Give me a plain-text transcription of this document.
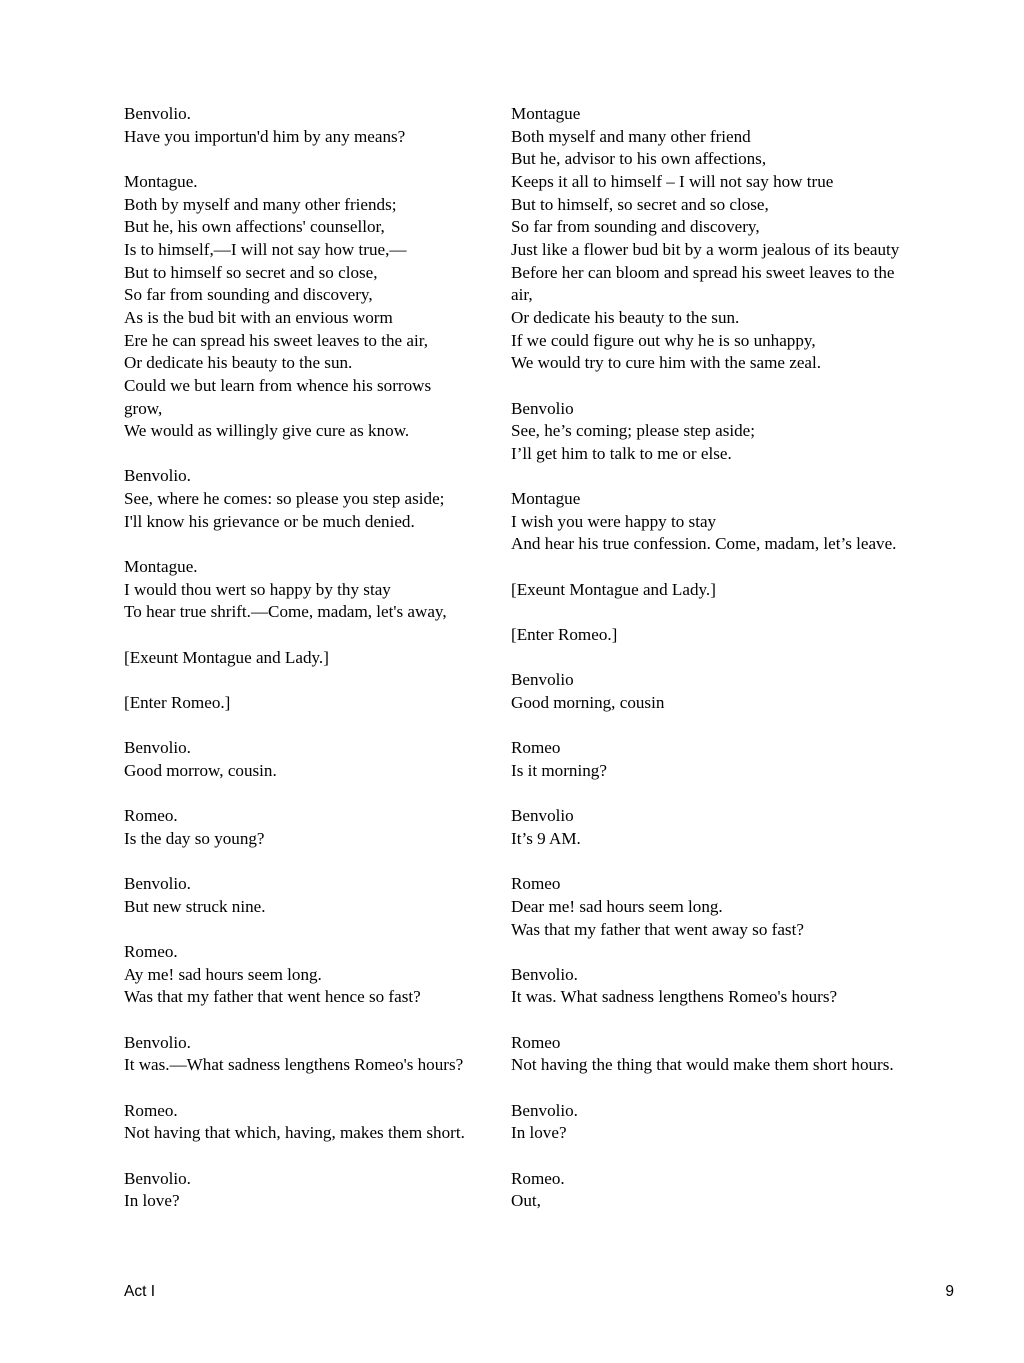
Benvolio.
Have you importun'd him by any means?

Montague.
Both by myself and many other friends;
But he, his own affections' counsellor,
Is to himself,––I will not say how true,––
But to himself so secret and so close,
So far from sounding and discovery,
As is the bud bit with an envious worm
Ere he can spread his sweet leaves to the air,
Or dedicate his beauty to the sun.
Could we but learn from whence his sorrows
grow,
We would as willingly give cure as know.

Benvolio.
See, where he comes: so please you step aside;
I'll know his grievance or be much denied.

Montague.
I would thou wert so happy by thy stay
To hear true shrift.––Come, madam, let's away,

[Exeunt Montague and Lady.]

[Enter Romeo.]

Benvolio.
Good morrow, cousin.

Romeo.
Is the day so young?

Benvolio.
But new struck nine.

Romeo.
Ay me! sad hours seem long.
Was that my father that went hence so fast?

Benvolio.
It was.––What sadness lengthens Romeo's hours?

Romeo.
Not having that which, having, makes them short.

Benvolio.
In love?
Montague
Both myself and many other friend
But he, advisor to his own affections,
Keeps it all to himself – I will not say how true
But to himself, so secret and so close,
So far from sounding and discovery,
Just like a flower bud bit by a worm jealous of its beauty
Before her can bloom and spread his sweet leaves to the
air,
Or dedicate his beauty to the sun.
If we could figure out why he is so unhappy,
We would try to cure him with the same zeal.

Benvolio
See, he’s coming; please step aside;
I’ll get him to talk to me or else.

Montague
I wish you were happy to stay
And hear his true confession. Come, madam, let’s leave.

[Exeunt Montague and Lady.]

[Enter Romeo.]

Benvolio
Good morning, cousin

Romeo
Is it morning?

Benvolio
It’s 9 AM.

Romeo
Dear me! sad hours seem long.
Was that my father that went away so fast?

Benvolio.
It was. What sadness lengthens Romeo's hours?

Romeo
Not having the thing that would make them short hours.

Benvolio.
In love?

Romeo.
Out,
Act I	9
